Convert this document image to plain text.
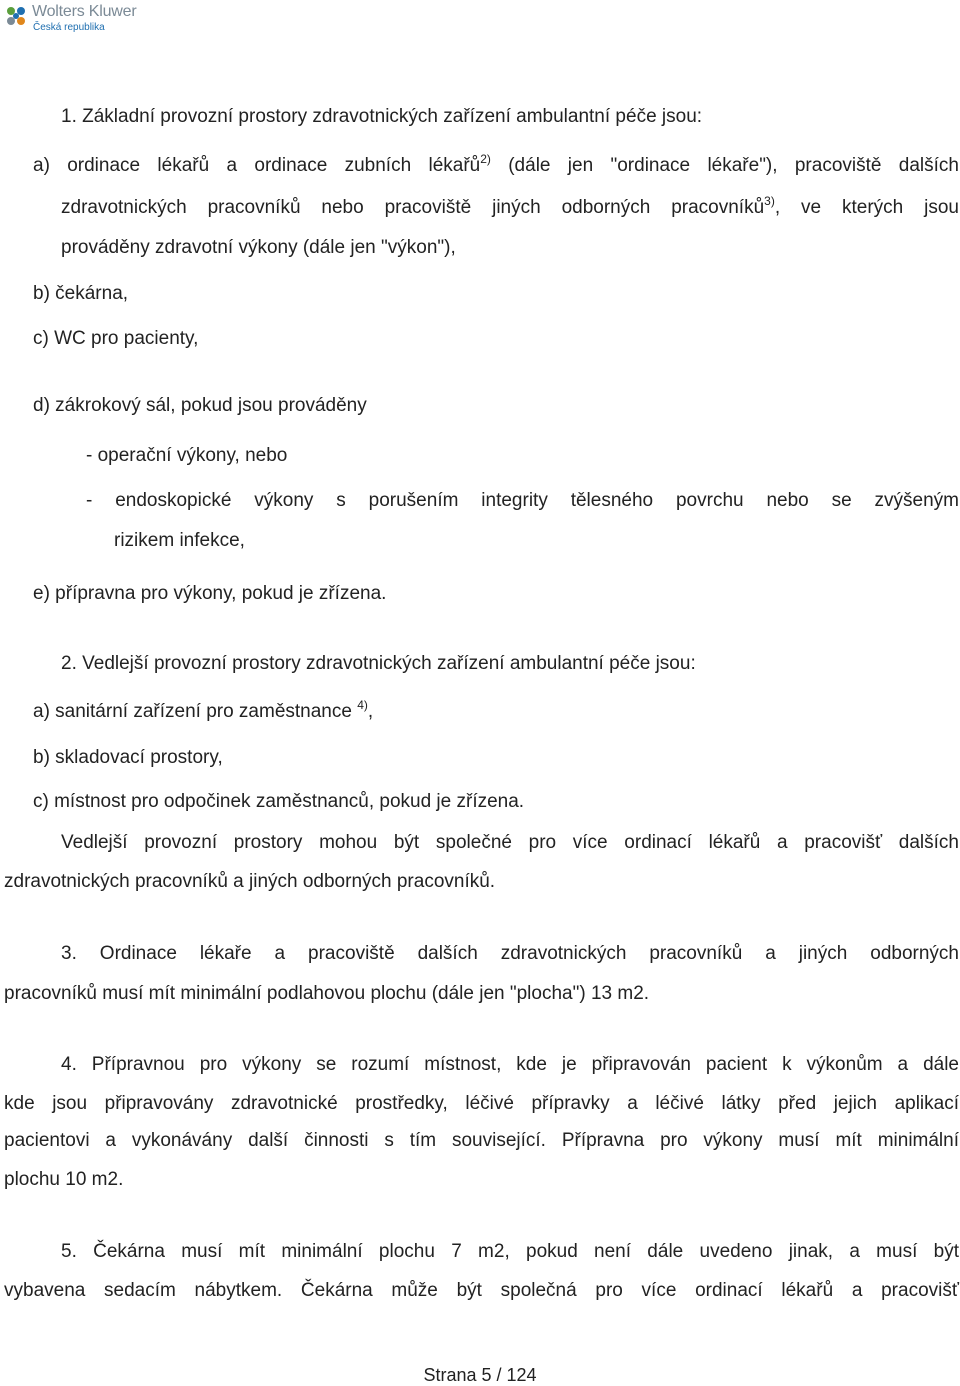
Wolters Kluwer
Česká republika
1. Základní provozní prostory zdravotnických zařízení ambulantní péče jsou:
a) ordinace lékařů a ordinace zubních lékařů$^{2)}$ (dále jen "ordinace lékaře"), pracoviště dalších
zdravotnických pracovníků nebo pracoviště jiných odborných pracovníků$^{3)}$, ve kterých jsou
prováděny zdravotní výkony (dále jen "výkon"),
b) čekárna,
c) WC pro pacienty,
d) zákrokový sál, pokud jsou prováděny
- operační výkony, nebo
- endoskopické výkony s porušením integrity tělesného povrchu nebo se zvýšeným
rizikem infekce,
e) přípravna pro výkony, pokud je zřízena.
2. Vedlejší provozní prostory zdravotnických zařízení ambulantní péče jsou:
a) sanitární zařízení pro zaměstnance $^{4)}$,
b) skladovací prostory,
c) místnost pro odpočinek zaměstnanců, pokud je zřízena.
Vedlejší provozní prostory mohou být společné pro více ordinací lékařů a pracovišť dalších
zdravotnických pracovníků a jiných odborných pracovníků.
3. Ordinace lékaře a pracoviště dalších zdravotnických pracovníků a jiných odborných
pracovníků musí mít minimální podlahovou plochu (dále jen "plocha") 13 m2.
4. Přípravnou pro výkony se rozumí místnost, kde je připravován pacient k výkonům a dále
kde jsou připravovány zdravotnické prostředky, léčivé přípravky a léčivé látky před jejich aplikací
pacientovi a vykonávány další činnosti s tím související. Přípravna pro výkony musí mít minimální
plochu 10 m2.
5. Čekárna musí mít minimální plochu 7 m2, pokud není dále uvedeno jinak, a musí být
vybavena sedacím nábytkem. Čekárna může být společná pro více ordinací lékařů a pracovišť
Strana 5 / 124
